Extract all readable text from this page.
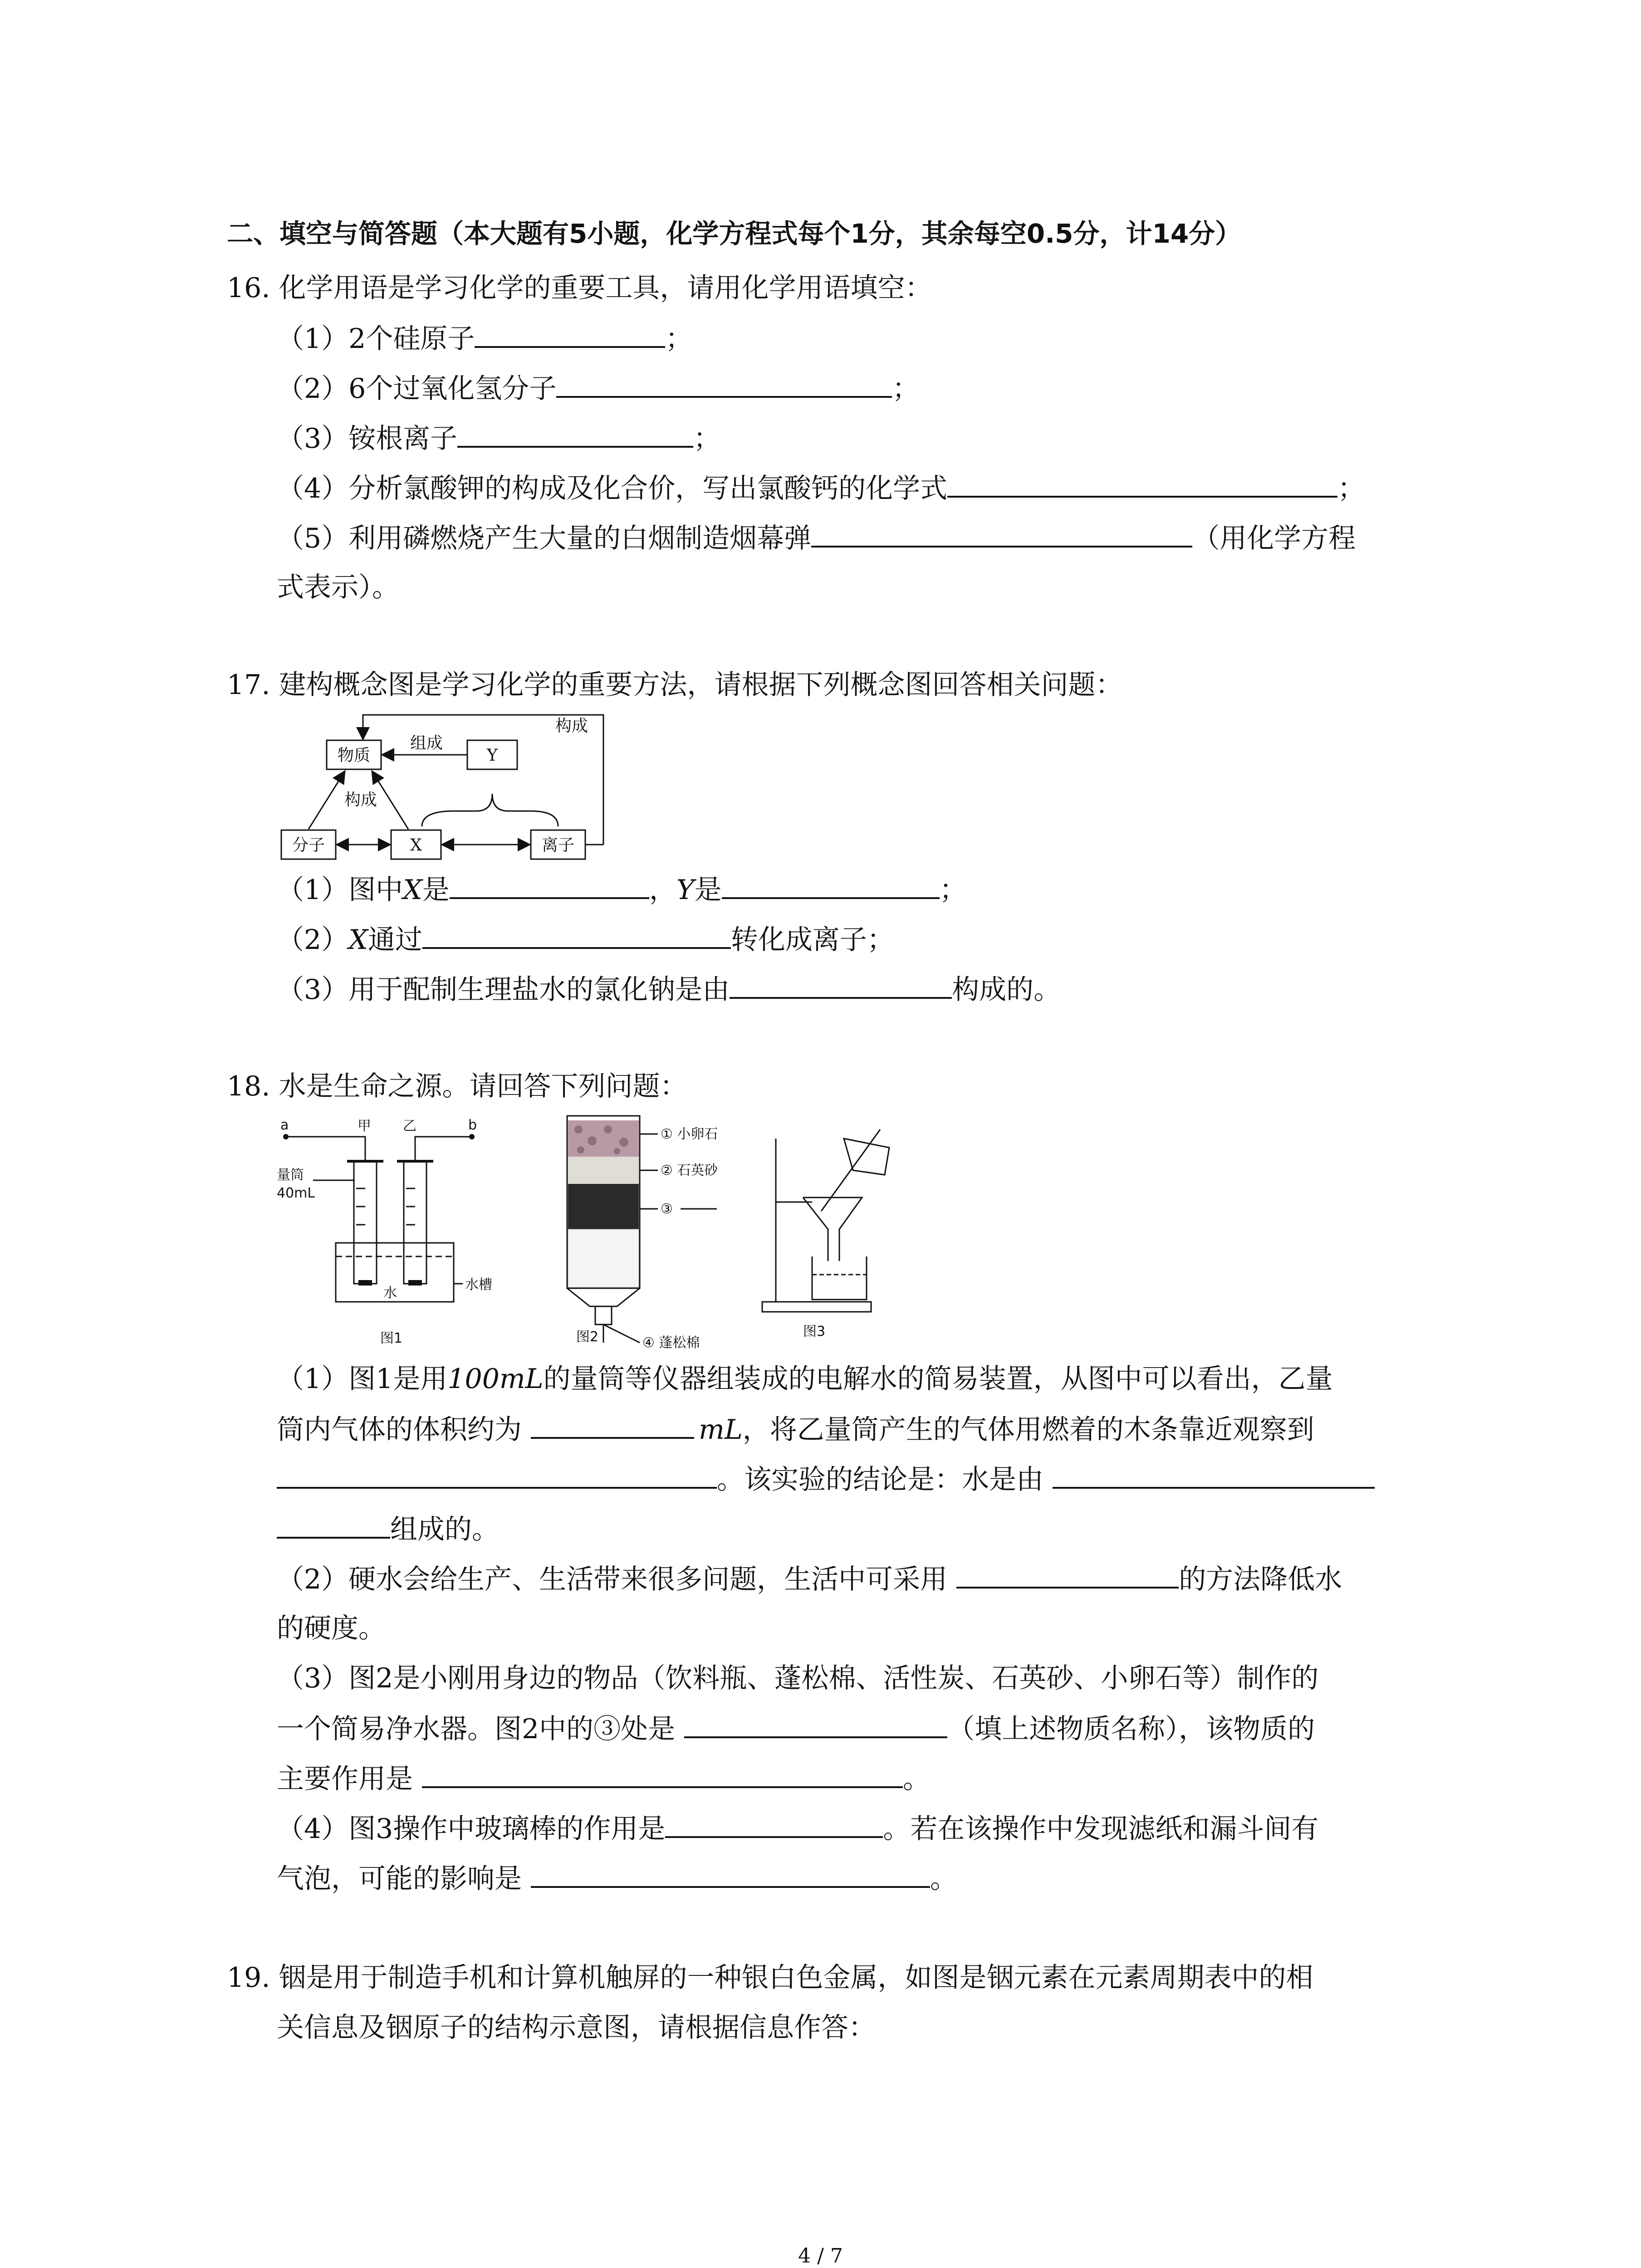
二、填空与简答题（本大题有5小题，化学方程式每个1分，其余每空0.5分，计14分）
16. 化学用语是学习化学的重要工具，请用化学用语填空：
（1）2个硅原子	；
（2）6个过氧化氢分子	；
（3）铵根离子	；
（4）分析氯酸钾的构成及化合价，写出氯酸钙的化学式	；
（5）利用磷燃烧产生大量的白烟制造烟幕弹	（用化学方程
式表示）。
17. 建构概念图是学习化学的重要方法，请根据下列概念图回答相关问题：
物质	Y
分子	X	离子
组成
构成
构成
（1）图中X是	，Y是	；
（2）X通过	转化成离子；
（3）用于配制生理盐水的氯化钠是由	构成的。
18. 水是生命之源。请回答下列问题：
a	b
甲 乙
量筒
40mL
水
水槽
图1
① 小卵石
② 石英砂
③
④ 蓬松棉
图2	图3
（1）图1是用100mL的量筒等仪器组装成的电解水的简易装置，从图中可以看出，乙量
筒内气体的体积约为	mL，将乙量筒产生的气体用燃着的木条靠近观察到
。该实验的结论是：水是由
组成的。
（2）硬水会给生产、生活带来很多问题，生活中可采用	的方法降低水
的硬度。
（3）图2是小刚用身边的物品（饮料瓶、蓬松棉、活性炭、石英砂、小卵石等）制作的
一个简易净水器。图2中的③处是	（填上述物质名称），该物质的
主要作用是	。
（4）图3操作中玻璃棒的作用是	。若在该操作中发现滤纸和漏斗间有
气泡，可能的影响是	。
19. 铟是用于制造手机和计算机触屏的一种银白色金属，如图是铟元素在元素周期表中的相
关信息及铟原子的结构示意图，请根据信息作答：
4 / 7
